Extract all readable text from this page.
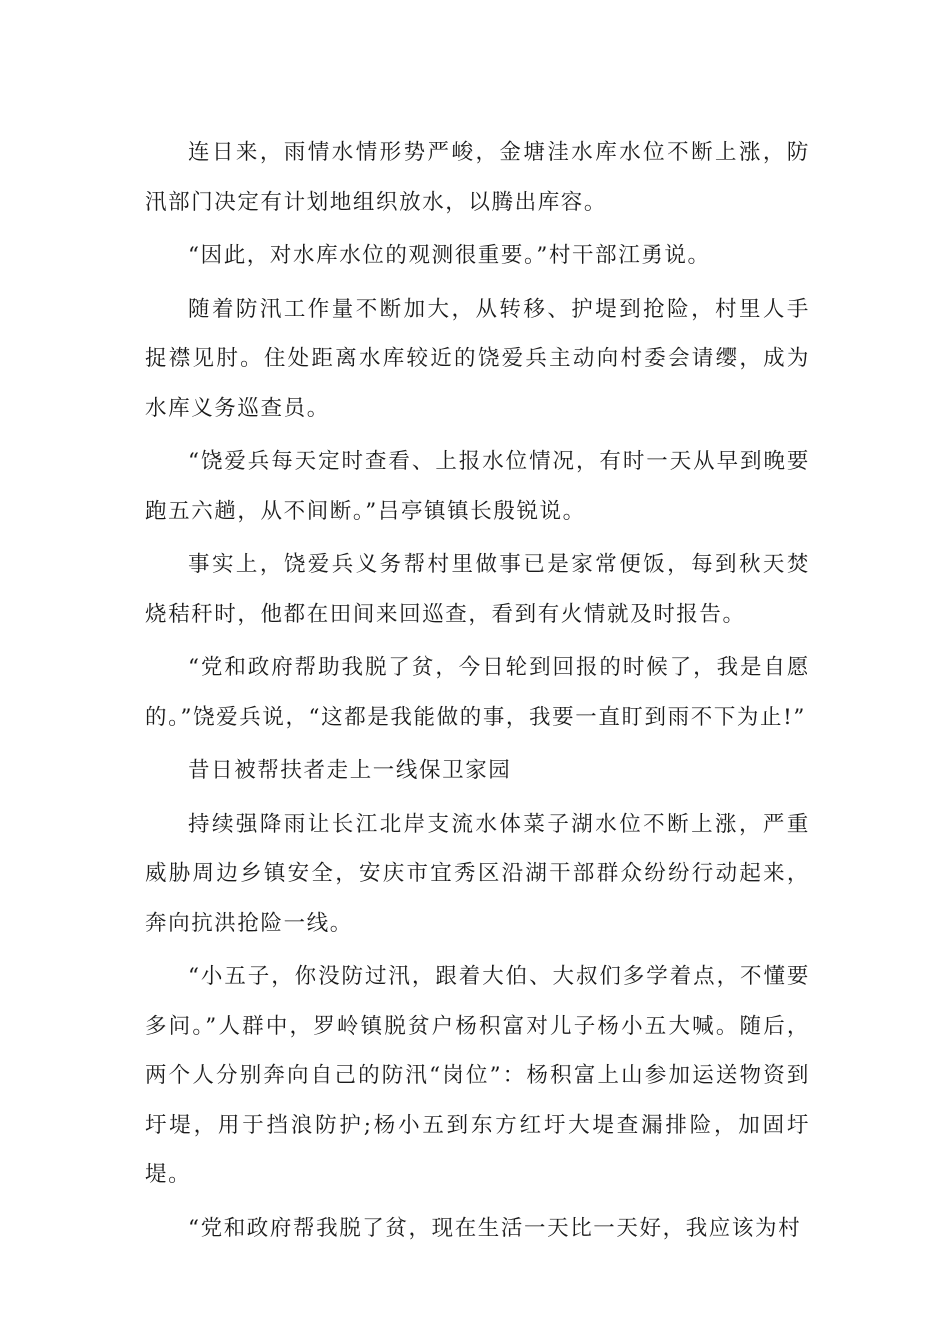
连日来，雨情水情形势严峻，金塘洼水库水位不断上涨，防汛部门决定有计划地组织放水，以腾出库容。

“因此，对水库水位的观测很重要。”村干部江勇说。

随着防汛工作量不断加大，从转移、护堤到抢险，村里人手捉襟见肘。住处距离水库较近的饶爱兵主动向村委会请缨，成为水库义务巡查员。

“饶爱兵每天定时查看、上报水位情况，有时一天从早到晚要跑五六趟，从不间断。”吕亭镇镇长殷锐说。

事实上，饶爱兵义务帮村里做事已是家常便饭，每到秋天焚烧秸秆时，他都在田间来回巡查，看到有火情就及时报告。

“党和政府帮助我脱了贫，今日轮到回报的时候了，我是自愿的。”饶爱兵说，“这都是我能做的事，我要一直盯到雨不下为止!”

昔日被帮扶者走上一线保卫家园

持续强降雨让长江北岸支流水体菜子湖水位不断上涨，严重威胁周边乡镇安全，安庆市宜秀区沿湖干部群众纷纷行动起来，奔向抗洪抢险一线。

“小五子，你没防过汛，跟着大伯、大叔们多学着点，不懂要多问。”人群中，罗岭镇脱贫户杨积富对儿子杨小五大喊。随后，两个人分别奔向自己的防汛“岗位”：杨积富上山参加运送物资到圩堤，用于挡浪防护;杨小五到东方红圩大堤查漏排险，加固圩堤。

“党和政府帮我脱了贫，现在生活一天比一天好，我应该为村
